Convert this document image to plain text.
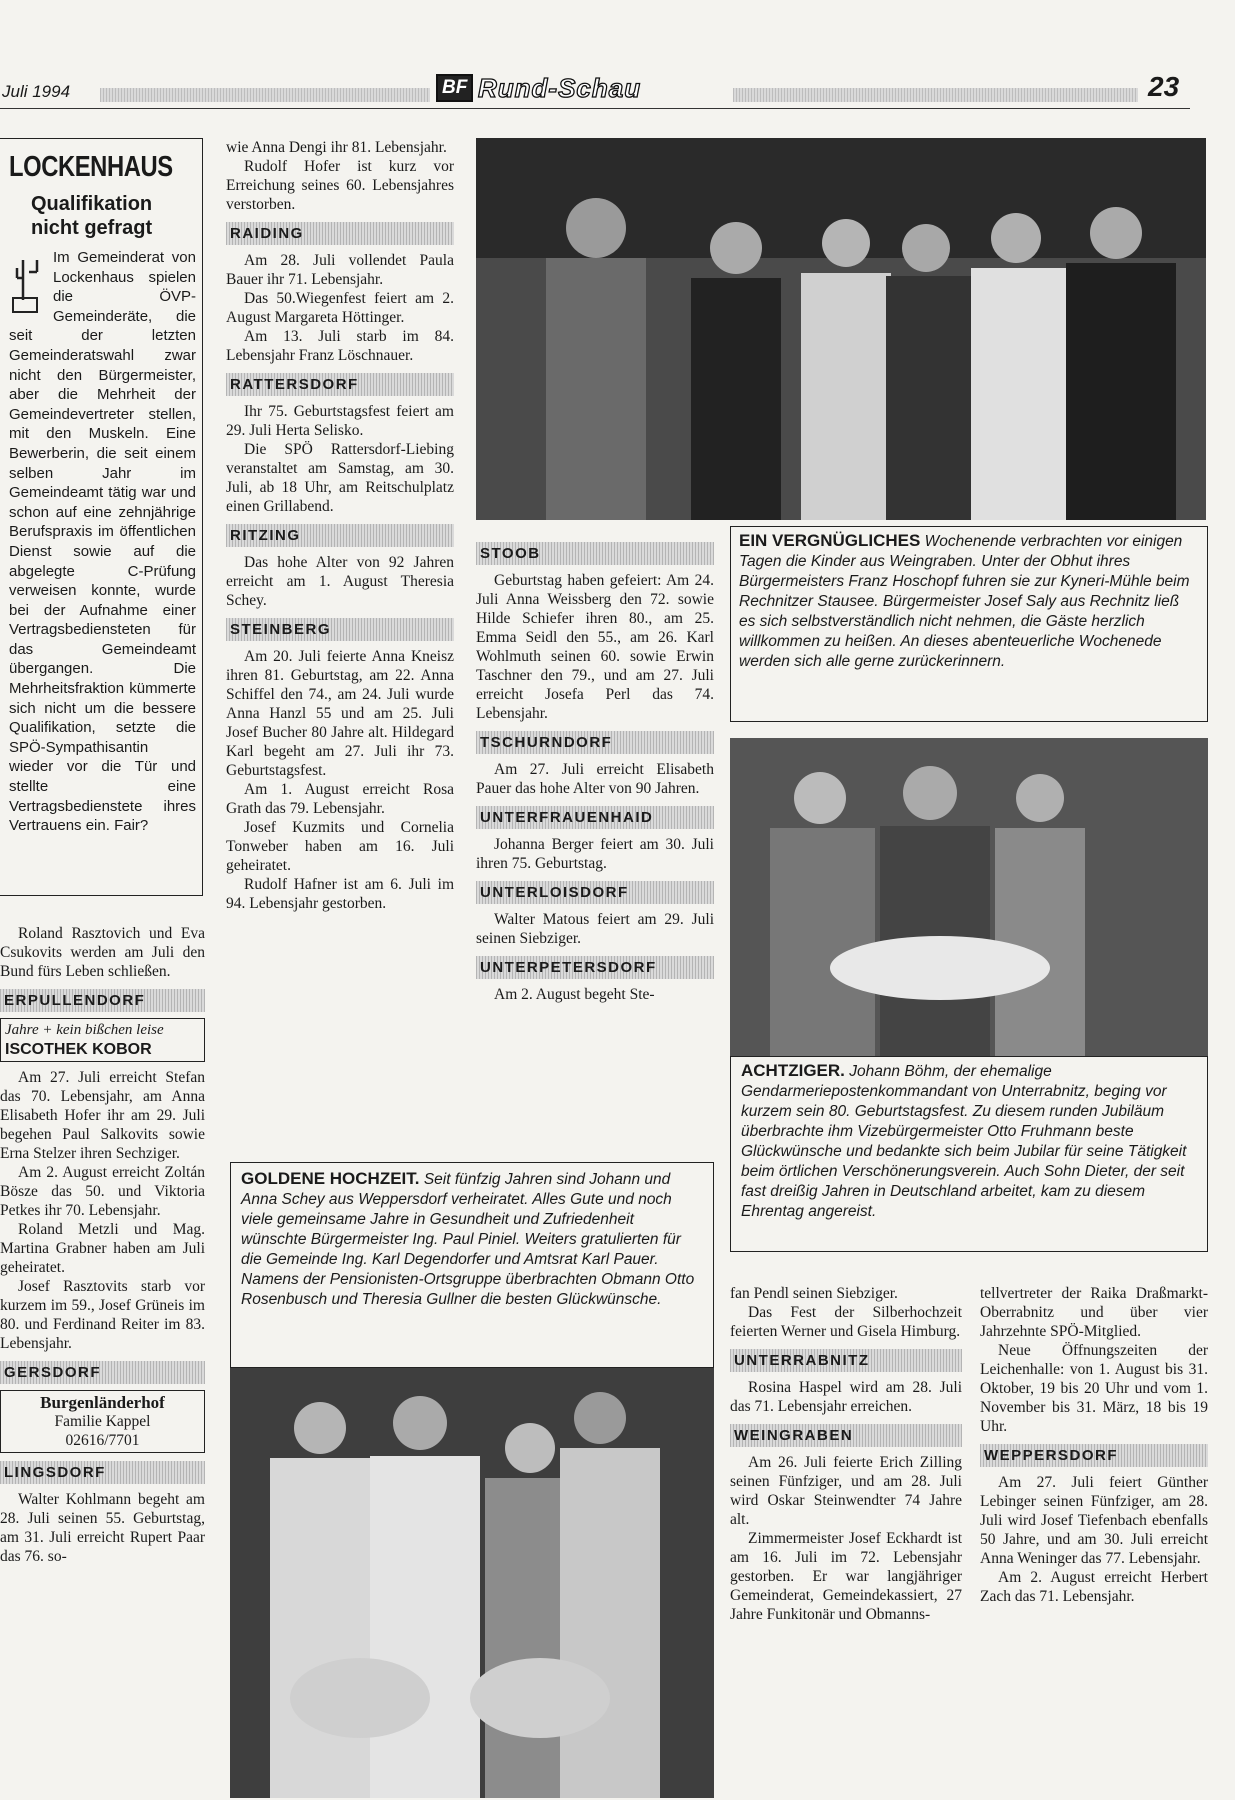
Juli 1994	BF Rund-Schau	23
LOCKENHAUS
Qualifikation nicht gefragt
Im Gemeinderat von Lockenhaus spielen die ÖVP-Gemeinderäte, die seit der letzten Gemeinderatswahl zwar nicht den Bürgermeister, aber die Mehrheit der Gemeindevertreter stellen, mit den Muskeln. Eine Bewerberin, die seit einem selben Jahr im Gemeindeamt tätig war und schon auf eine zehnjährige Berufspraxis im öffentlichen Dienst sowie auf die abgelegte C-Prüfung verweisen konnte, wurde bei der Aufnahme einer Vertragsbediensteten für das Gemeindeamt übergangen. Die Mehrheitsfraktion kümmerte sich nicht um die bessere Qualifikation, setzte die SPÖ-Sympathisantin wieder vor die Tür und stellte eine Vertragsbedienstete ihres Vertrauens ein. Fair?

Roland Rasztovich und Eva Csukovits werden am Juli den Bund fürs Leben schließen.

ERPULLENDORF
Jahre + kein bißchen leise
ISCOTHEK KOBOR

Am 27. Juli erreicht Stefan das 70. Lebensjahr, am Anna Elisabeth Hofer ihr am 29. Juli begehen Paul Salkovits sowie Erna Stelzer ihren Sechziger.

Am 2. August erreicht Zoltán Bösze das 50. und Viktoria Petkes ihr 70. Lebensjahr.

Roland Metzli und Mag. Martina Grabner haben am Juli geheiratet.

Josef Rasztovits starb vor kurzem im 59., Josef Grüneis im 80. und Ferdinand Reiter im 83. Lebensjahr.

GERSDORF
Burgenländerhof
Familie Kappel
02616/7701
LINGSDORF

Walter Kohlmann begeht am 28. Juli seinen 55. Geburtstag, am 31. Juli erreicht Rupert Paar das 76. so-

wie Anna Dengi ihr 81. Lebensjahr.

Rudolf Hofer ist kurz vor Erreichung seines 60. Lebensjahres verstorben.

RAIDING

Am 28. Juli vollendet Paula Bauer ihr 71. Lebensjahr.

Das 50.Wiegenfest feiert am 2. August Margareta Höttinger.

Am 13. Juli starb im 84. Lebensjahr Franz Löschnauer.

RATTERSDORF

Ihr 75. Geburtstagsfest feiert am 29. Juli Herta Selisko.

Die SPÖ Rattersdorf-Liebing veranstaltet am Samstag, am 30. Juli, ab 18 Uhr, am Reitschulplatz einen Grillabend.

RITZING

Das hohe Alter von 92 Jahren erreicht am 1. August Theresia Schey.

STEINBERG

Am 20. Juli feierte Anna Kneisz ihren 81. Geburtstag, am 22. Anna Schiffel den 74., am 24. Juli wurde Anna Hanzl 55 und am 25. Juli Josef Bucher 80 Jahre alt. Hildegard Karl begeht am 27. Juli ihr 73. Geburtstagsfest.

Am 1. August erreicht Rosa Grath das 79. Lebensjahr.

Josef Kuzmits und Cornelia Tonweber haben am 16. Juli geheiratet.

Rudolf Hafner ist am 6. Juli im 94. Lebensjahr gestorben.

EIN VERGNÜGLICHES Wochenende verbrachten vor einigen Tagen die Kinder aus Weingraben. Unter der Obhut ihres Bürgermeisters Franz Hoschopf fuhren sie zur Kyneri-Mühle beim Rechnitzer Stausee. Bürgermeister Josef Saly aus Rechnitz ließ es sich selbstverständlich nicht nehmen, die Gäste herzlich willkommen zu heißen. An dieses abenteuerliche Wochenede werden sich alle gerne zurückerinnern.
STOOB

Geburtstag haben gefeiert: Am 24. Juli Anna Weissberg den 72. sowie Hilde Schiefer ihren 80., am 25. Emma Seidl den 55., am 26. Karl Wohlmuth seinen 60. sowie Erwin Taschner den 79., und am 27. Juli erreicht Josefa Perl das 74. Lebensjahr.

TSCHURNDORF

Am 27. Juli erreicht Elisabeth Pauer das hohe Alter von 90 Jahren.

UNTERFRAUENHAID

Johanna Berger feiert am 30. Juli ihren 75. Geburtstag.

UNTERLOISDORF

Walter Matous feiert am 29. Juli seinen Siebziger.

UNTERPETERSDORF

Am 2. August begeht Ste-

ACHTZIGER. Johann Böhm, der ehemalige Gendarmeriepostenkommandant von Unterrabnitz, beging vor kurzem sein 80. Geburtstagsfest. Zu diesem runden Jubiläum überbrachte ihm Vizebürgermeister Otto Fruhmann beste Glückwünsche und bedankte sich beim Jubilar für seine Tätigkeit beim örtlichen Verschönerungsverein. Auch Sohn Dieter, der seit fast dreißig Jahren in Deutschland arbeitet, kam zu diesem Ehrentag angereist.
GOLDENE HOCHZEIT. Seit fünfzig Jahren sind Johann und Anna Schey aus Weppersdorf verheiratet. Alles Gute und noch viele gemeinsame Jahre in Gesundheit und Zufriedenheit wünschte Bürgermeister Ing. Paul Piniel. Weiters gratulierten für die Gemeinde Ing. Karl Degendorfer und Amtsrat Karl Pauer. Namens der Pensionisten-Ortsgruppe überbrachten Obmann Otto Rosenbusch und Theresia Gullner die besten Glückwünsche.	fan Pendl seinen Siebziger.

Das Fest der Silberhochzeit feierten Werner und Gisela Himburg.

UNTERRABNITZ

Rosina Haspel wird am 28. Juli das 71. Lebensjahr erreichen.

WEINGRABEN

Am 26. Juli feierte Erich Zilling seinen Fünfziger, und am 28. Juli wird Oskar Steinwendter 74 Jahre alt.

Zimmermeister Josef Eckhardt ist am 16. Juli im 72. Lebensjahr gestorben. Er war langjähriger Gemeinderat, Gemeindekassiert, 27 Jahre Funkitonär und Obmanns-

tellvertreter der Raika Draßmarkt-Oberrabnitz und über vier Jahrzehnte SPÖ-Mitglied.

Neue Öffnungszeiten der Leichenhalle: von 1. August bis 31. Oktober, 19 bis 20 Uhr und vom 1. November bis 31. März, 18 bis 19 Uhr.

WEPPERSDORF

Am 27. Juli feiert Günther Lebinger seinen Fünfziger, am 28. Juli wird Josef Tiefenbach ebenfalls 50 Jahre, und am 30. Juli erreicht Anna Weninger das 77. Lebensjahr.

Am 2. August erreicht Herbert Zach das 71. Lebensjahr.
